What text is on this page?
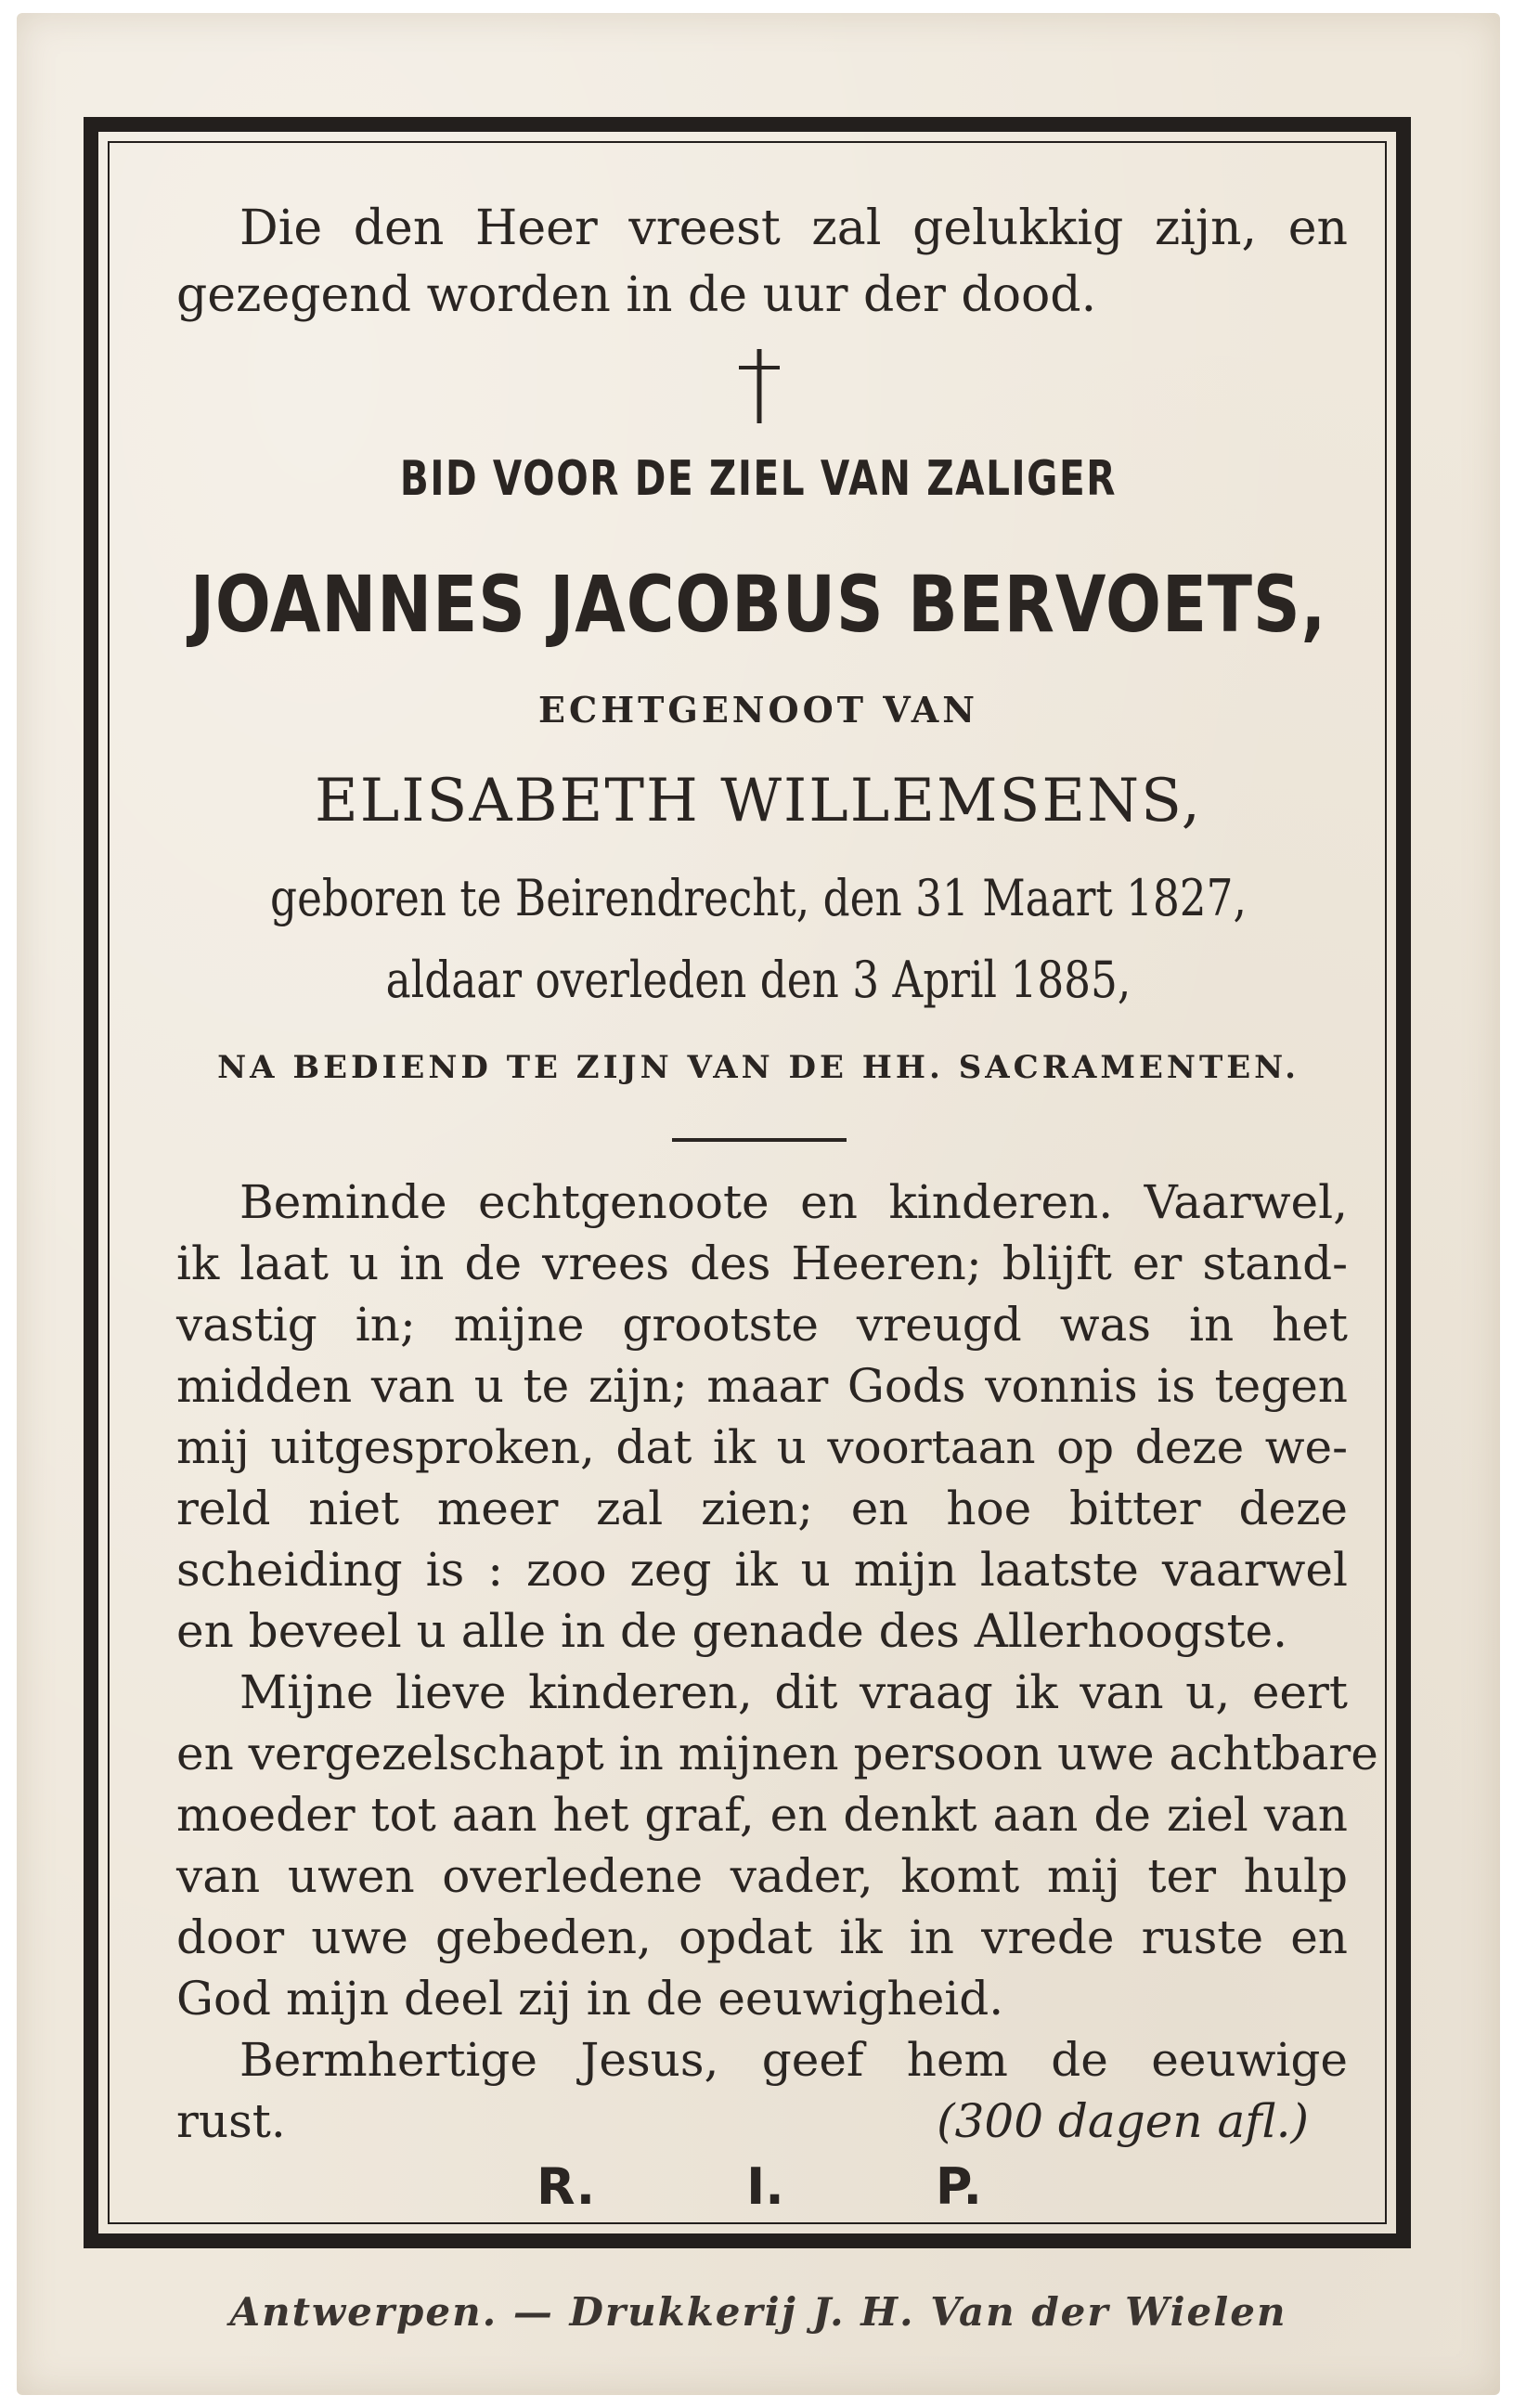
Die den Heer vreest zal gelukkig zijn, en
gezegend worden in de uur der dood.
BID VOOR DE ZIEL VAN ZALIGER
JOANNES JACOBUS BERVOETS,
ECHTGENOOT VAN
ELISABETH WILLEMSENS,
geboren te Beirendrecht, den 31 Maart 1827,
aldaar overleden den 3 April 1885,
NA BEDIEND TE ZIJN VAN DE HH. SACRAMENTEN.
Beminde echtgenoote en kinderen. Vaarwel,
ik laat u in de vrees des Heeren; blijft er stand-
vastig in; mijne grootste vreugd was in het
midden van u te zijn; maar Gods vonnis is tegen
mij uitgesproken, dat ik u voortaan op deze we-
reld niet meer zal zien; en hoe bitter deze
scheiding is : zoo zeg ik u mijn laatste vaarwel
en beveel u alle in de genade des Allerhoogste.
Mijne lieve kinderen, dit vraag ik van u, eert
en vergezelschapt in mijnen persoon uwe achtbare
moeder tot aan het graf, en denkt aan de ziel van
van uwen overledene vader, komt mij ter hulp
door uwe gebeden, opdat ik in vrede ruste en
God mijn deel zij in de eeuwigheid.
Bermhertige Jesus, geef hem de eeuwige
rust.	(300 dagen afl.)
R.	I.	P.
Antwerpen. — Drukkerij J. H. Van der Wielen
